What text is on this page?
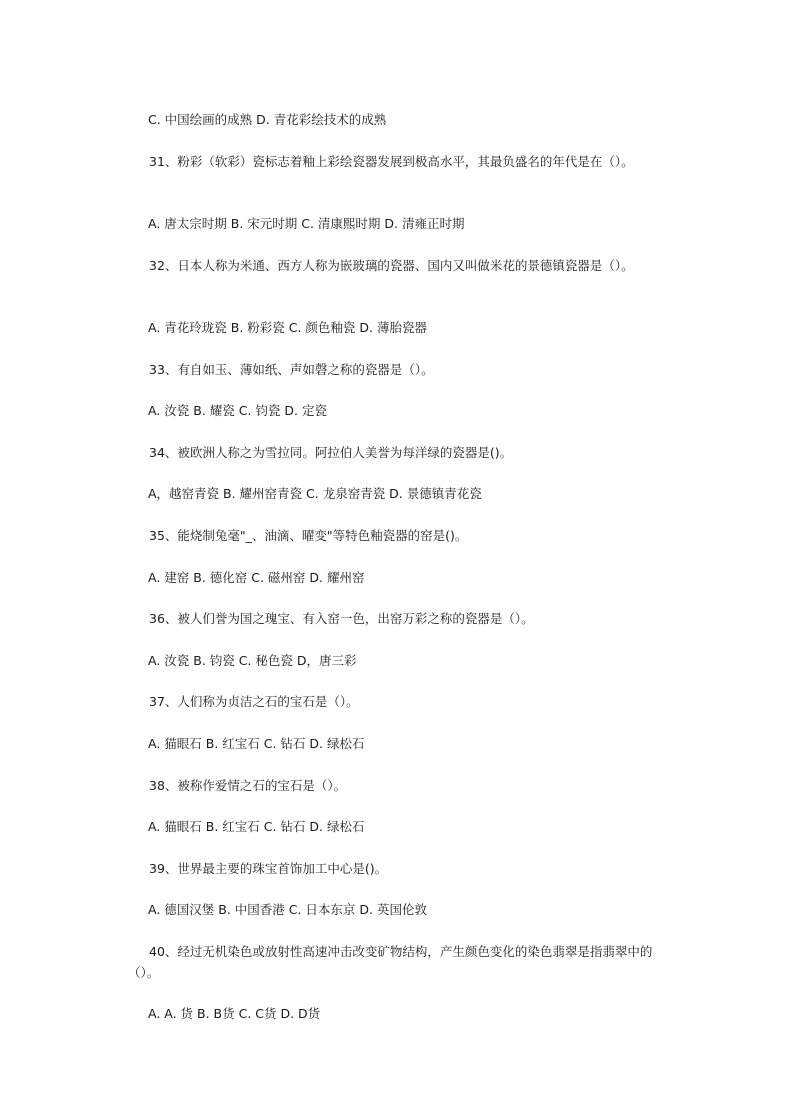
C. 中国绘画的成熟 D. 青花彩绘技术的成熟

31、粉彩（软彩）瓷标志着釉上彩绘瓷器发展到极高水平，其最负盛名的年代是在（）。

A. 唐太宗时期 B. 宋元时期 C. 清康熙时期 D. 清雍正时期

32、日本人称为米通、西方人称为嵌玻璃的瓷器、国内又叫做米花的景德镇瓷器是（）。

A. 青花玲珑瓷 B. 粉彩瓷 C. 颜色釉瓷 D. 薄胎瓷器

33、有自如玉、薄如纸、声如磬之称的瓷器是（）。

A. 汝瓷 B. 耀瓷 C. 钧瓷 D. 定瓷

34、被欧洲人称之为雪拉同。阿拉伯人美誉为每洋绿的瓷器是()。

A，越窑青瓷 B. 耀州窑青瓷 C. 龙泉窑青瓷 D. 景德镇青花瓷

35、能烧制兔毫"_、油滴、曜变"等特色釉瓷器的窑是()。

A. 建窑 B. 德化窑 C. 磁州窑 D. 耀州窑

36、被人们誉为国之瑰宝、有入窑一色，出窑万彩之称的瓷器是（）。

A. 汝瓷 B. 钧瓷 C. 秘色瓷 D，唐三彩

37、人们称为贞洁之石的宝石是（）。

A. 猫眼石 B. 红宝石 C. 钻石 D. 绿松石

38、被称作爱情之石的宝石是（）。

A. 猫眼石 B. 红宝石 C. 钻石 D. 绿松石

39、世界最主要的珠宝首饰加工中心是()。

A. 德国汉堡 B. 中国香港 C. 日本东京 D. 英国伦敦

40、经过无机染色或放射性高速冲击改变矿物结构，产生颜色变化的染色翡翠是指翡翠中的（）。

A. A. 货 B. B货 C. C货 D. D货
